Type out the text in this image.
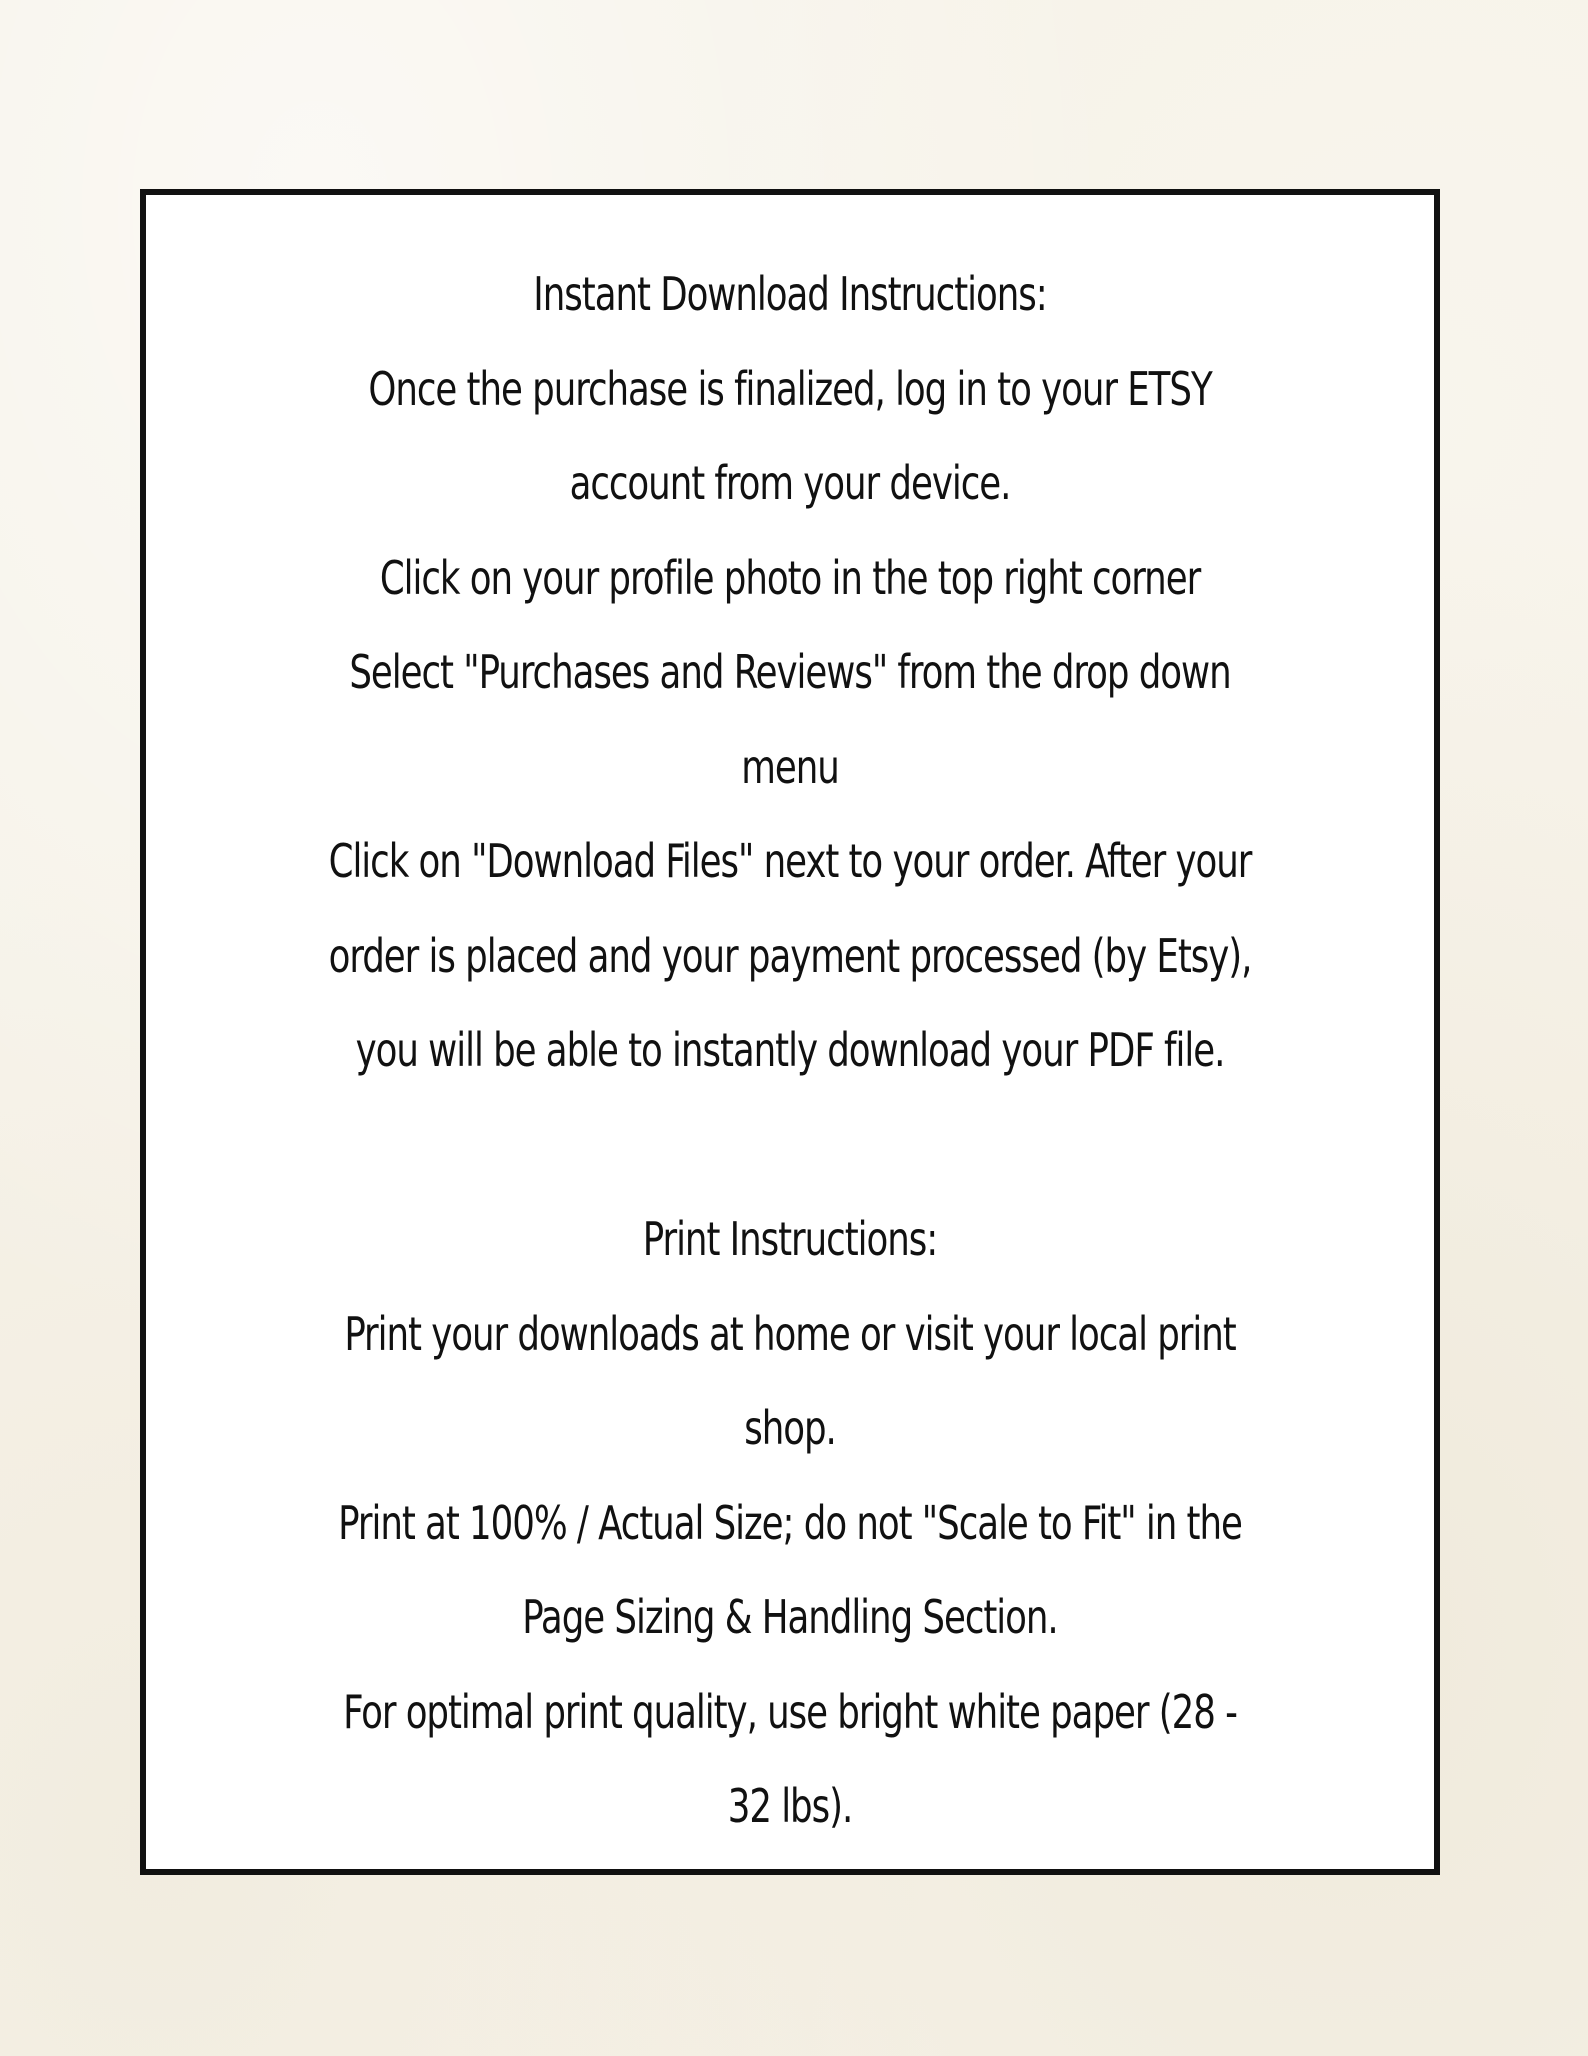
Instant Download Instructions:
Once the purchase is finalized, log in to your ETSY
account from your device.
Click on your profile photo in the top right corner
Select "Purchases and Reviews" from the drop down
menu
Click on "Download Files" next to your order. After your
order is placed and your payment processed (by Etsy),
you will be able to instantly download your PDF file.
Print Instructions:
Print your downloads at home or visit your local print
shop.
Print at 100% / Actual Size; do not "Scale to Fit" in the
Page Sizing & Handling Section.
For optimal print quality, use bright white paper (28 -
32 lbs).
